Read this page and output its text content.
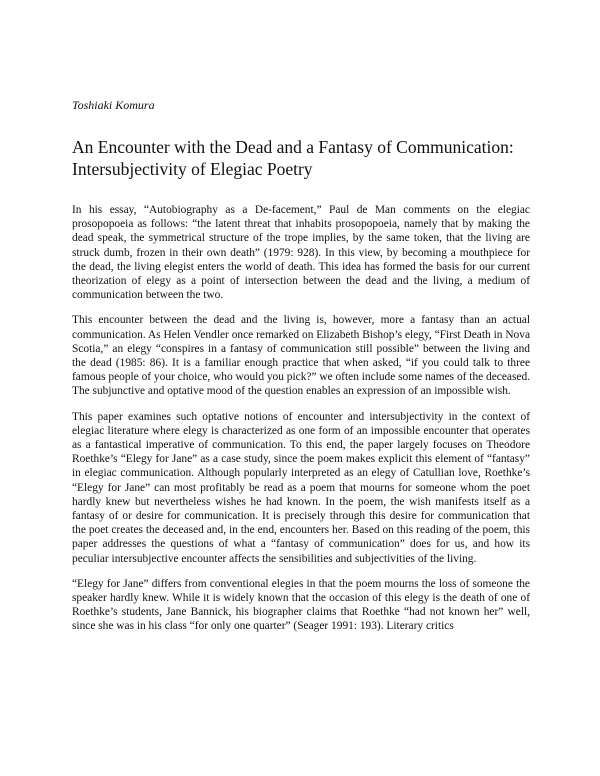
Toshiaki Komura
An Encounter with the Dead and a Fantasy of Communication:
Intersubjectivity of Elegiac Poetry

In his essay, “Autobiography as a De-facement,” Paul de Man comments on the elegiac prosopopoeia as follows: “the latent threat that inhabits prosopopoeia, namely that by making the dead speak, the symmetrical structure of the trope implies, by the same token, that the living are struck dumb, frozen in their own death” (1979: 928). In this view, by becoming a mouthpiece for the dead, the living elegist enters the world of death. This idea has formed the basis for our current theorization of elegy as a point of intersection between the dead and the living, a medium of communication between the two.

This encounter between the dead and the living is, however, more a fantasy than an actual communication. As Helen Vendler once remarked on Elizabeth Bishop’s elegy, “First Death in Nova Scotia,” an elegy “conspires in a fantasy of communication still possible” between the living and the dead (1985: 86). It is a familiar enough practice that when asked, “if you could talk to three famous people of your choice, who would you pick?” we often include some names of the deceased. The subjunctive and optative mood of the question enables an expression of an impossible wish.

This paper examines such optative notions of encounter and intersubjectivity in the context of elegiac literature where elegy is characterized as one form of an impossible encounter that operates as a fantastical imperative of communication. To this end, the paper largely focuses on Theodore Roethke’s “Elegy for Jane” as a case study, since the poem makes explicit this element of “fantasy” in elegiac communication. Although popularly interpreted as an elegy of Catullian love, Roethke’s “Elegy for Jane” can most profitably be read as a poem that mourns for someone whom the poet hardly knew but nevertheless wishes he had known. In the poem, the wish manifests itself as a fantasy of or desire for communication. It is precisely through this desire for communication that the poet creates the deceased and, in the end, encounters her. Based on this reading of the poem, this paper addresses the questions of what a “fantasy of communication” does for us, and how its peculiar intersubjective encounter affects the sensibilities and subjectivities of the living.

“Elegy for Jane” differs from conventional elegies in that the poem mourns the loss of someone the speaker hardly knew. While it is widely known that the occasion of this elegy is the death of one of Roethke’s students, Jane Bannick, his biographer claims that Roethke “had not known her” well, since she was in his class “for only one quarter” (Seager 1991: 193). Literary critics
